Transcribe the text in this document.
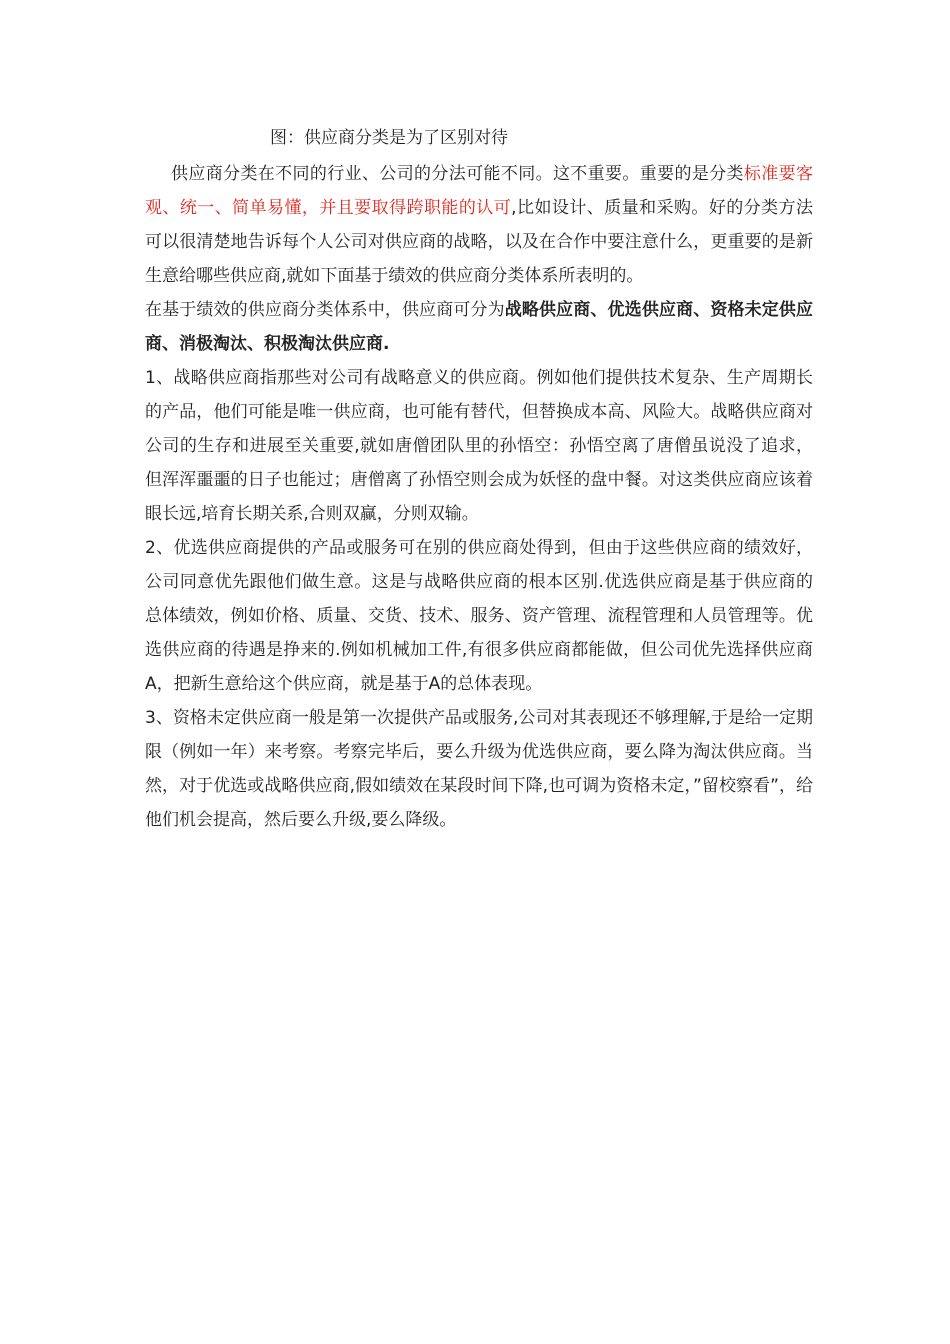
图：供应商分类是为了区别对待

供应商分类在不同的行业、公司的分法可能不同。这不重要。重要的是分类标准要客观、统一、简单易懂，并且要取得跨职能的认可,比如设计、质量和采购。好的分类方法可以很清楚地告诉每个人公司对供应商的战略，以及在合作中要注意什么，更重要的是新生意给哪些供应商,就如下面基于绩效的供应商分类体系所表明的。

在基于绩效的供应商分类体系中，供应商可分为战略供应商、优选供应商、资格未定供应商、消极淘汰、积极淘汰供应商.

1、战略供应商指那些对公司有战略意义的供应商。例如他们提供技术复杂、生产周期长的产品，他们可能是唯一供应商，也可能有替代，但替换成本高、风险大。战略供应商对公司的生存和进展至关重要,就如唐僧团队里的孙悟空：孙悟空离了唐僧虽说没了追求，但浑浑噩噩的日子也能过；唐僧离了孙悟空则会成为妖怪的盘中餐。对这类供应商应该着眼长远,培育长期关系,合则双赢，分则双输。

2、优选供应商提供的产品或服务可在别的供应商处得到，但由于这些供应商的绩效好，公司同意优先跟他们做生意。这是与战略供应商的根本区别.优选供应商是基于供应商的总体绩效，例如价格、质量、交货、技术、服务、资产管理、流程管理和人员管理等。优选供应商的待遇是挣来的.例如机械加工件,有很多供应商都能做，但公司优先选择供应商A，把新生意给这个供应商，就是基于A的总体表现。

3、资格未定供应商一般是第一次提供产品或服务,公司对其表现还不够理解,于是给一定期限（例如一年）来考察。考察完毕后，要么升级为优选供应商，要么降为淘汰供应商。当然，对于优选或战略供应商,假如绩效在某段时间下降,也可调为资格未定，”留校察看”，给他们机会提高，然后要么升级,要么降级。
